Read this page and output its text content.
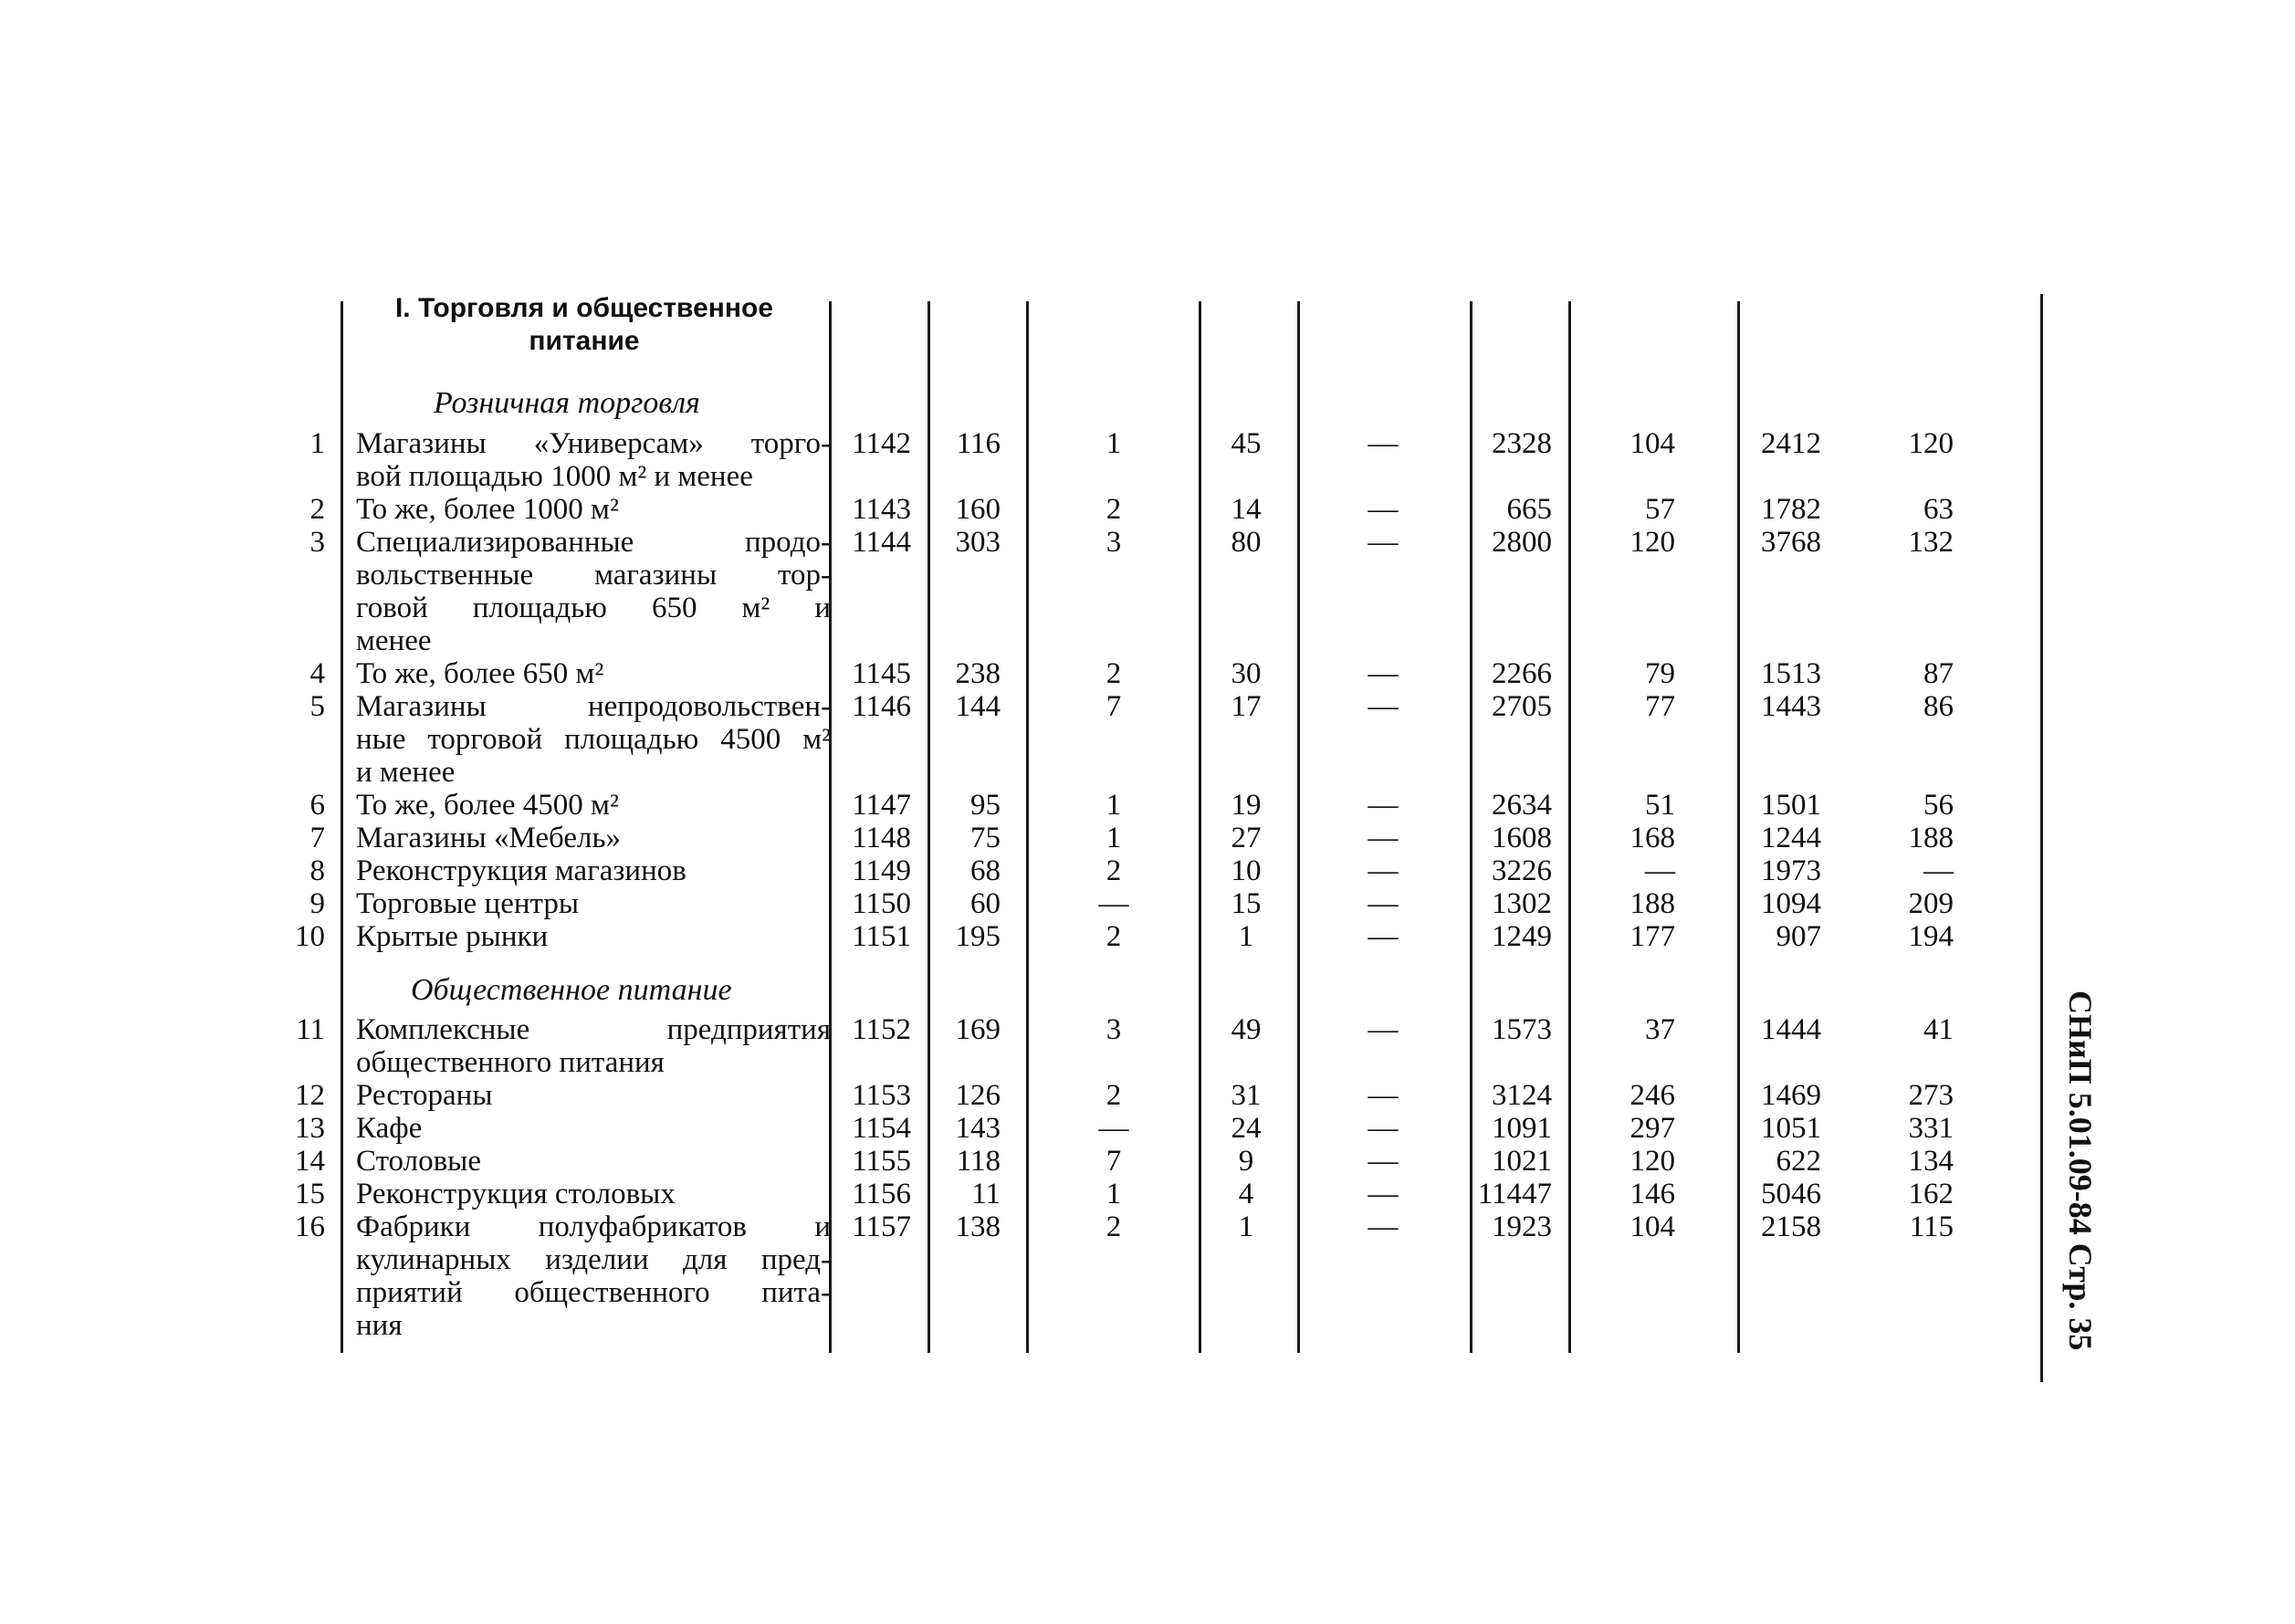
I. Торговля и общественное
питание
Розничная торговля
Общественное питание
1 Магазины «Универсам» торго-
вой площадью 1000 м² и менее
1142	116	1	45	—	2328	104	2412	120
2 То же, более 1000 м²	1143	160	2	14	—	665	57	1782	63
3 Специализированные продо-
вольственные магазины тор-
говой площадью 650 м² и
менее
1144	303	3	80	—	2800	120	3768	132
4 То же, более 650 м²	1145	238	2	30	—	2266	79	1513	87
5 Магазины непродовольствен-
ные торговой площадью 4500 м²
и менее
1146	144	7	17	—	2705	77	1443	86
6 То же, более 4500 м²	1147	95	1	19	—	2634	51	1501	56
7 Магазины «Мебель»	1148	75	1	27	—	1608	168	1244	188
8 Реконструкция магазинов	1149	68	2	10	—	3226	—	1973	—
9 Торговые центры	1150	60	—	15	—	1302	188	1094	209
10 Крытые рынки	1151	195	2	1	—	1249	177	907	194
11 Комплексные предприятия
общественного питания
1152	169	3	49	—	1573	37	1444	41
12 Рестораны	1153	126	2	31	—	3124	246	1469	273
13 Кафе	1154	143	—	24	—	1091	297	1051	331
14 Столовые	1155	118	7	9	—	1021	120	622	134
15 Реконструкция столовых	1156	11	1	4	—	11447	146	5046	162
16 Фабрики полуфабрикатов и
кулинарных изделии для пред-
приятий общественного пита-
ния
1157	138	2	1	—	1923	104	2158	115	СНиП 5.01.09-84 Стр. 35
